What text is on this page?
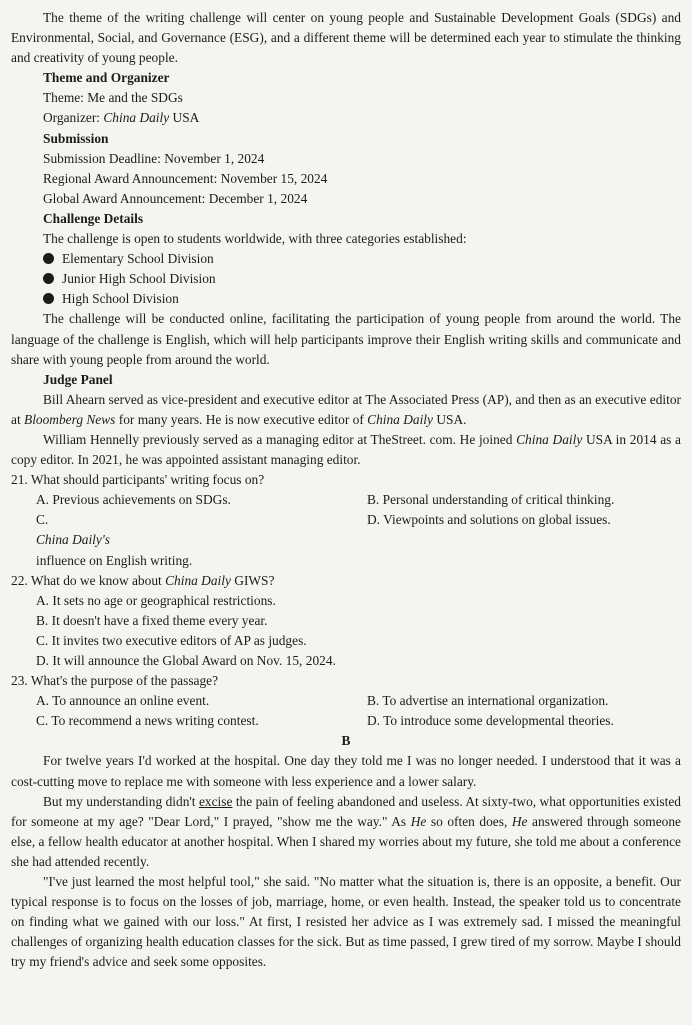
The theme of the writing challenge will center on young people and Sustainable Development Goals (SDGs) and Environmental, Social, and Governance (ESG), and a different theme will be determined each year to stimulate the thinking and creativity of young people.

Theme and Organizer

Theme: Me and the SDGs

Organizer: China Daily USA

Submission

Submission Deadline: November 1, 2024

Regional Award Announcement: November 15, 2024

Global Award Announcement: December 1, 2024

Challenge Details

The challenge is open to students worldwide, with three categories established:

Elementary School Division

Junior High School Division

High School Division

The challenge will be conducted online, facilitating the participation of young people from around the world. The language of the challenge is English, which will help participants improve their English writing skills and communicate and share with young people from around the world.

Judge Panel

Bill Ahearn served as vice-president and executive editor at The Associated Press (AP), and then as an executive editor at Bloomberg News for many years. He is now executive editor of China Daily USA.

William Hennelly previously served as a managing editor at TheStreet. com. He joined China Daily USA in 2014 as a copy editor. In 2021, he was appointed assistant managing editor.

21. What should participants' writing focus on?

A. Previous achievements on SDGs.	B. Personal understanding of critical thinking.
C.
China Daily's
influence on English writing.
D. Viewpoints and solutions on global issues.

22. What do we know about China Daily GIWS?

A. It sets no age or geographical restrictions.

B. It doesn't have a fixed theme every year.

C. It invites two executive editors of AP as judges.

D. It will announce the Global Award on Nov. 15, 2024.

23. What's the purpose of the passage?

A. To announce an online event.	B. To advertise an international organization.
C. To recommend a news writing contest.	D. To introduce some developmental theories.

B

For twelve years I'd worked at the hospital. One day they told me I was no longer needed. I understood that it was a cost-cutting move to replace me with someone with less experience and a lower salary.

But my understanding didn't excise the pain of feeling abandoned and useless. At sixty-two, what opportunities existed for someone at my age? "Dear Lord," I prayed, "show me the way." As He so often does, He answered through someone else, a fellow health educator at another hospital. When I shared my worries about my future, she told me about a conference she had attended recently.

"I've just learned the most helpful tool," she said. "No matter what the situation is, there is an opposite, a benefit. Our typical response is to focus on the losses of job, marriage, home, or even health. Instead, the speaker told us to concentrate on finding what we gained with our loss." At first, I resisted her advice as I was extremely sad. I missed the meaningful challenges of organizing health education classes for the sick. But as time passed, I grew tired of my sorrow. Maybe I should try my friend's advice and seek some opposites.
